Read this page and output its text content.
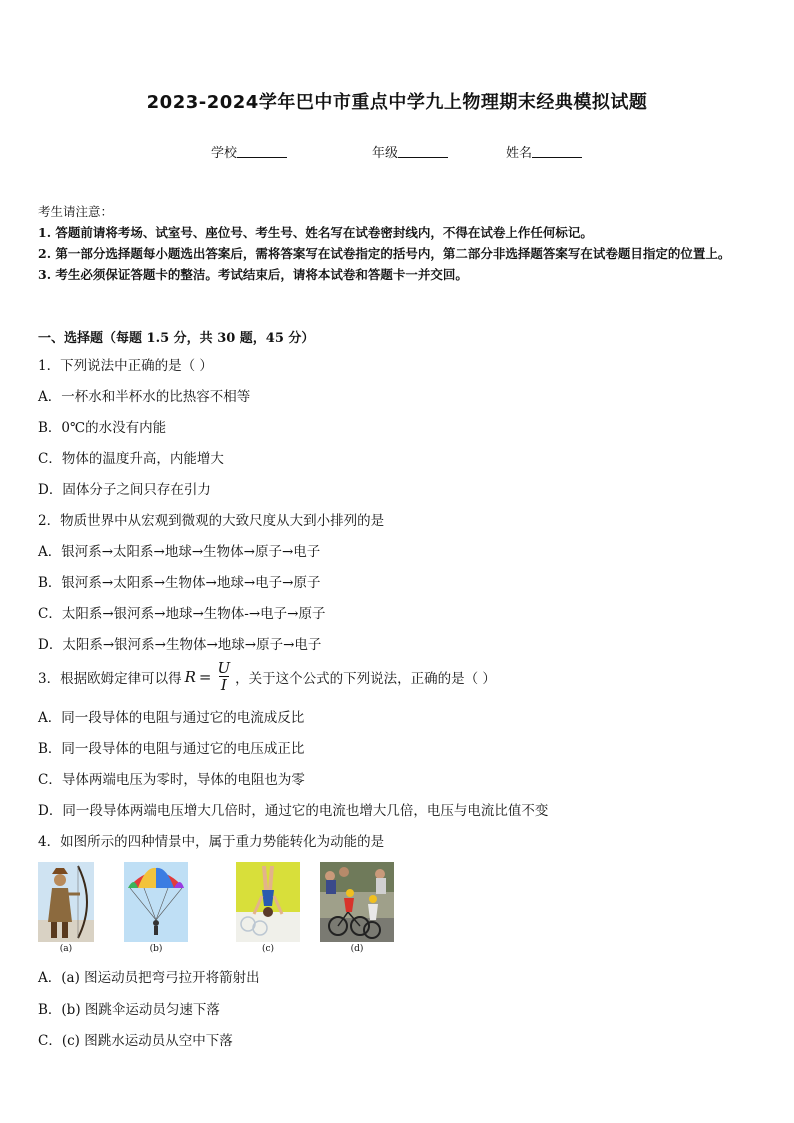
2023-2024学年巴中市重点中学九上物理期末经典模拟试题
学校	年级	姓名
考生请注意：
1. 答题前请将考场、试室号、座位号、考生号、姓名写在试卷密封线内，不得在试卷上作任何标记。
2. 第一部分选择题每小题选出答案后，需将答案写在试卷指定的括号内，第二部分非选择题答案写在试卷题目指定的位置上。
3. 考生必须保证答题卡的整洁。考试结束后，请将本试卷和答题卡一并交回。
一、选择题（每题 1.5 分，共 30 题，45 分）
1．下列说法中正确的是（ ）
A．一杯水和半杯水的比热容不相等
B．0℃的水没有内能
C．物体的温度升高，内能增大
D．固体分子之间只存在引力
2．物质世界中从宏观到微观的大致尺度从大到小排列的是
A．银河系→太阳系→地球→生物体→原子→电子
B．银河系→太阳系→生物体→地球→电子→原子
C．太阳系→银河系→地球→生物体-→电子→原子
D．太阳系→银河系→生物体→地球→原子→电子
3．根据欧姆定律可以得 $R = \frac{U}{I}$ ，关于这个公式的下列说法，正确的是（ ）
A．同一段导体的电阻与通过它的电流成反比
B．同一段导体的电阻与通过它的电压成正比
C．导体两端电压为零时，导体的电阻也为零
D．同一段导体两端电压增大几倍时，通过它的电流也增大几倍，电压与电流比值不变
4．如图所示的四种情景中，属于重力势能转化为动能的是
(a)	(b)	(c)	(d)
A．(a) 图运动员把弯弓拉开将箭射出
B．(b) 图跳伞运动员匀速下落
C．(c) 图跳水运动员从空中下落
